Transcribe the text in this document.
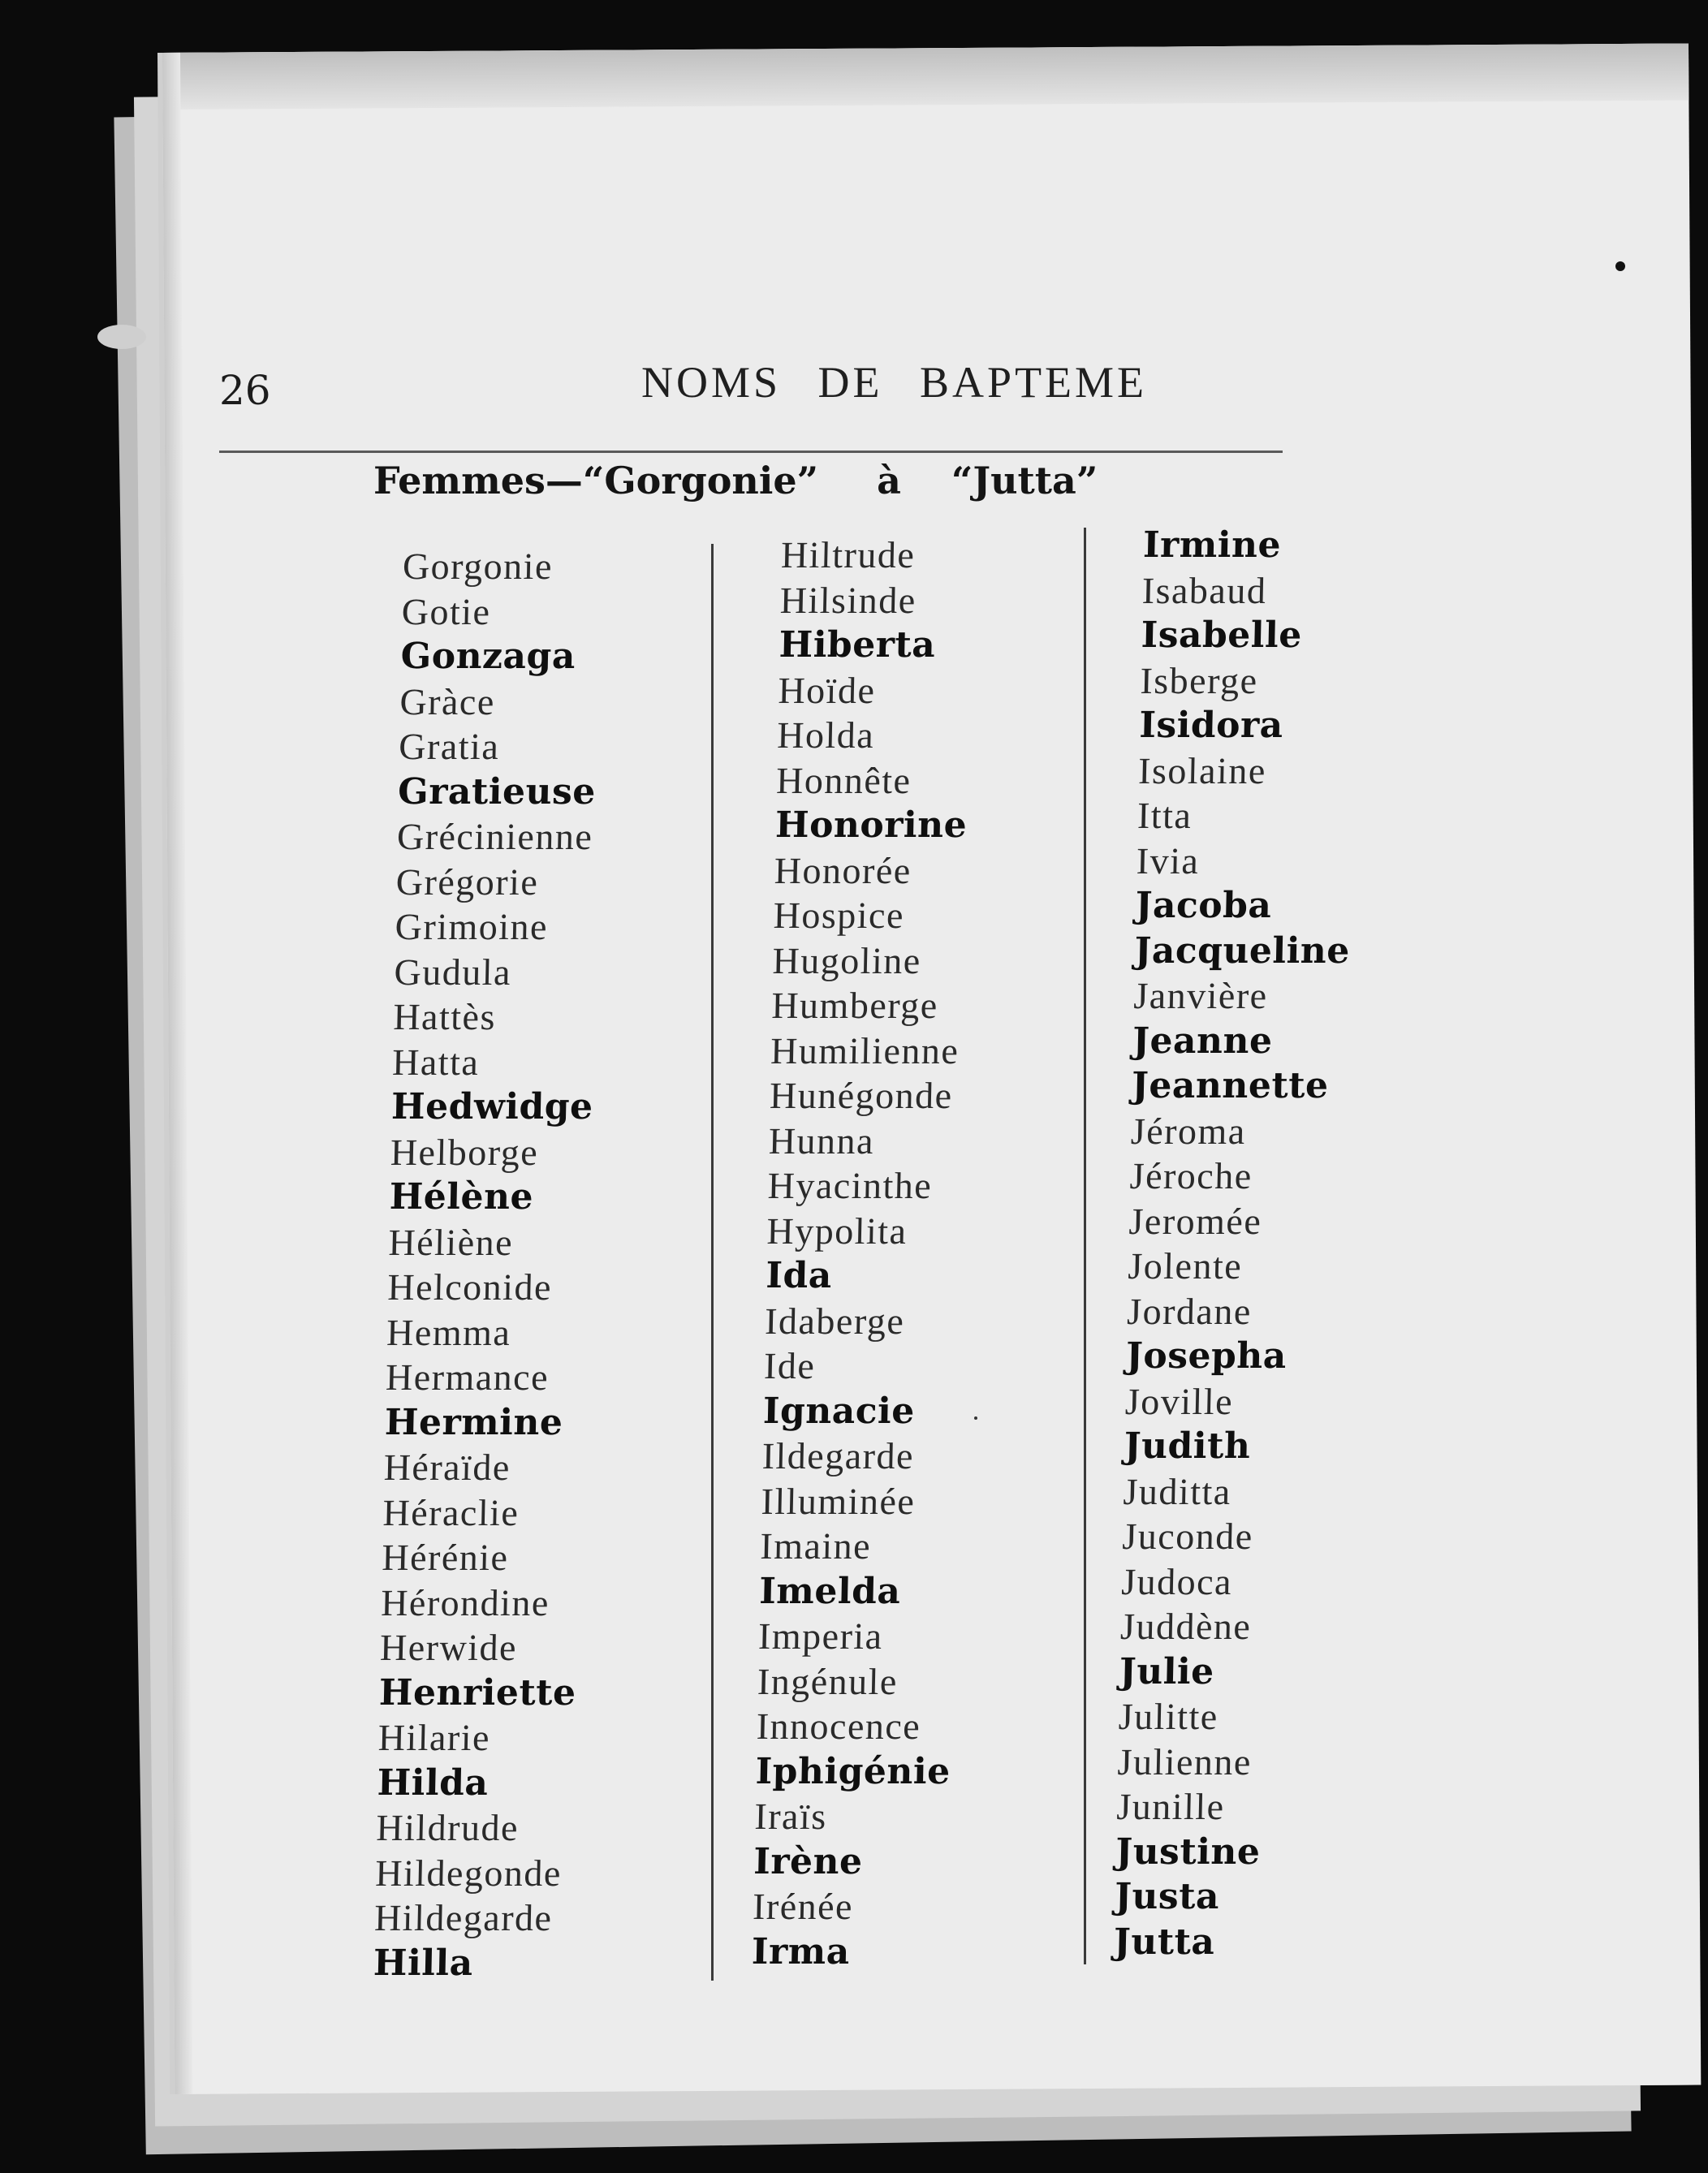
26	NOMS DE BAPTEME
Femmes—“Gorgonie” à “Jutta”
Gorgonie
Gotie
Gonzaga
Gràce
Gratia
Gratieuse
Grécinienne
Grégorie
Grimoine
Gudula
Hattès
Hatta
Hedwidge
Helborge
Hélène
Héliène
Helconide
Hemma
Hermance
Hermine
Héraïde
Héraclie
Hérénie
Hérondine
Herwide
Henriette
Hilarie
Hilda
Hildrude
Hildegonde
Hildegarde
Hilla
Hiltrude
Hilsinde
Hiberta
Hoïde
Holda
Honnête
Honorine
Honorée
Hospice
Hugoline
Humberge
Humilienne
Hunégonde
Hunna
Hyacinthe
Hypolita
Ida
Idaberge
Ide
Ignacie
Ildegarde
Illuminée
Imaine
Imelda
Imperia
Ingénule
Innocence
Iphigénie
Iraïs
Irène
Irénée
Irma
Irmine
Isabaud
Isabelle
Isberge
Isidora
Isolaine
Itta
Ivia
Jacoba
Jacqueline
Janvière
Jeanne
Jeannette
Jéroma
Jéroche
Jeromée
Jolente
Jordane
Josepha
Joville
Judith
Juditta
Juconde
Judoca
Juddène
Julie
Julitte
Julienne
Junille
Justine
Justa
Jutta
